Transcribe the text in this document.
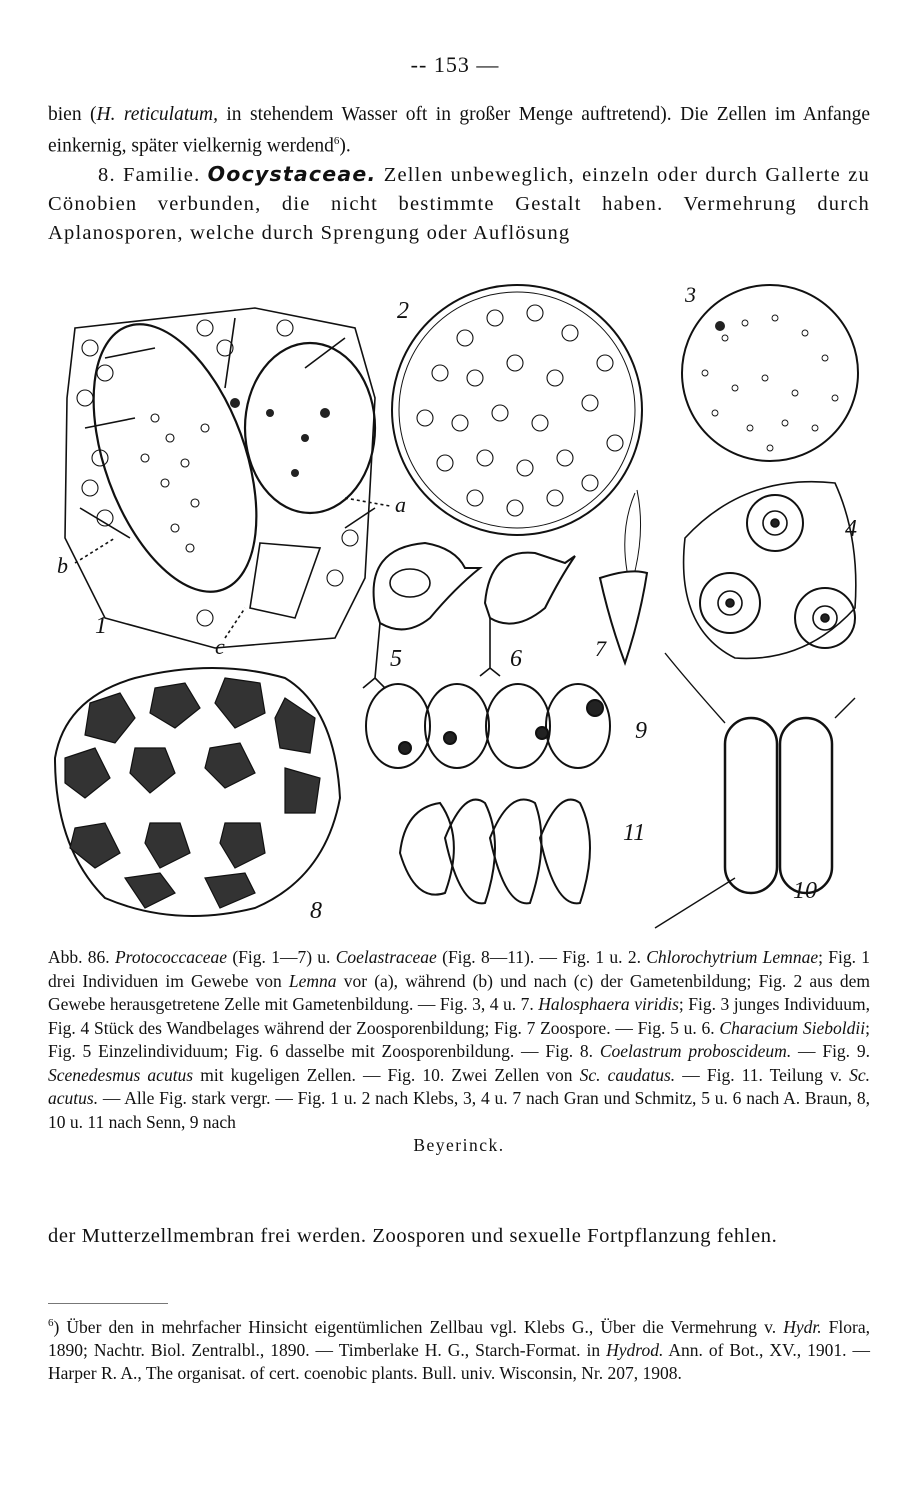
-- 153 —
bien (H. reticulatum, in stehendem Wasser oft in großer Menge auftretend). Die Zellen im Anfange einkernig, später vielkernig werdend$^6$).
8. Familie. Oocystaceae. Zellen unbeweglich, einzeln oder durch Gallerte zu Cönobien verbunden, die nicht bestimmte Gestalt haben. Vermehrung durch Aplanosporen, welche durch Sprengung oder Auflösung
1
2
3
4
5	6	7
8
9
10
11
a
b
c
Abb. 86. Protococcaceae (Fig. 1—7) u. Coelastraceae (Fig. 8—11). — Fig. 1 u. 2. Chlorochytrium Lemnae; Fig. 1 drei Individuen im Gewebe von Lemna vor (a), während (b) und nach (c) der Gametenbildung; Fig. 2 aus dem Gewebe herausgetretene Zelle mit Gametenbildung. — Fig. 3, 4 u. 7. Halosphaera viridis; Fig. 3 junges Individuum, Fig. 4 Stück des Wandbelages während der Zoosporenbildung; Fig. 7 Zoospore. — Fig. 5 u. 6. Characium Sieboldii; Fig. 5 Einzelindividuum; Fig. 6 dasselbe mit Zoosporenbildung. — Fig. 8. Coelastrum proboscideum. — Fig. 9. Scenedesmus acutus mit kugeligen Zellen. — Fig. 10. Zwei Zellen von Sc. caudatus. — Fig. 11. Teilung v. Sc. acutus. — Alle Fig. stark vergr. — Fig. 1 u. 2 nach Klebs, 3, 4 u. 7 nach Gran und Schmitz, 5 u. 6 nach A. Braun, 8, 10 u. 11 nach Senn, 9 nach
Beyerinck.
der Mutterzellmembran frei werden. Zoosporen und sexuelle Fortpflanzung fehlen.
$^6$) Über den in mehrfacher Hinsicht eigentümlichen Zellbau vgl. Klebs G., Über die Vermehrung v. Hydr. Flora, 1890; Nachtr. Biol. Zentralbl., 1890. — Timberlake H. G., Starch-Format. in Hydrod. Ann. of Bot., XV., 1901. — Harper R. A., The organisat. of cert. coenobic plants. Bull. univ. Wisconsin, Nr. 207, 1908.
